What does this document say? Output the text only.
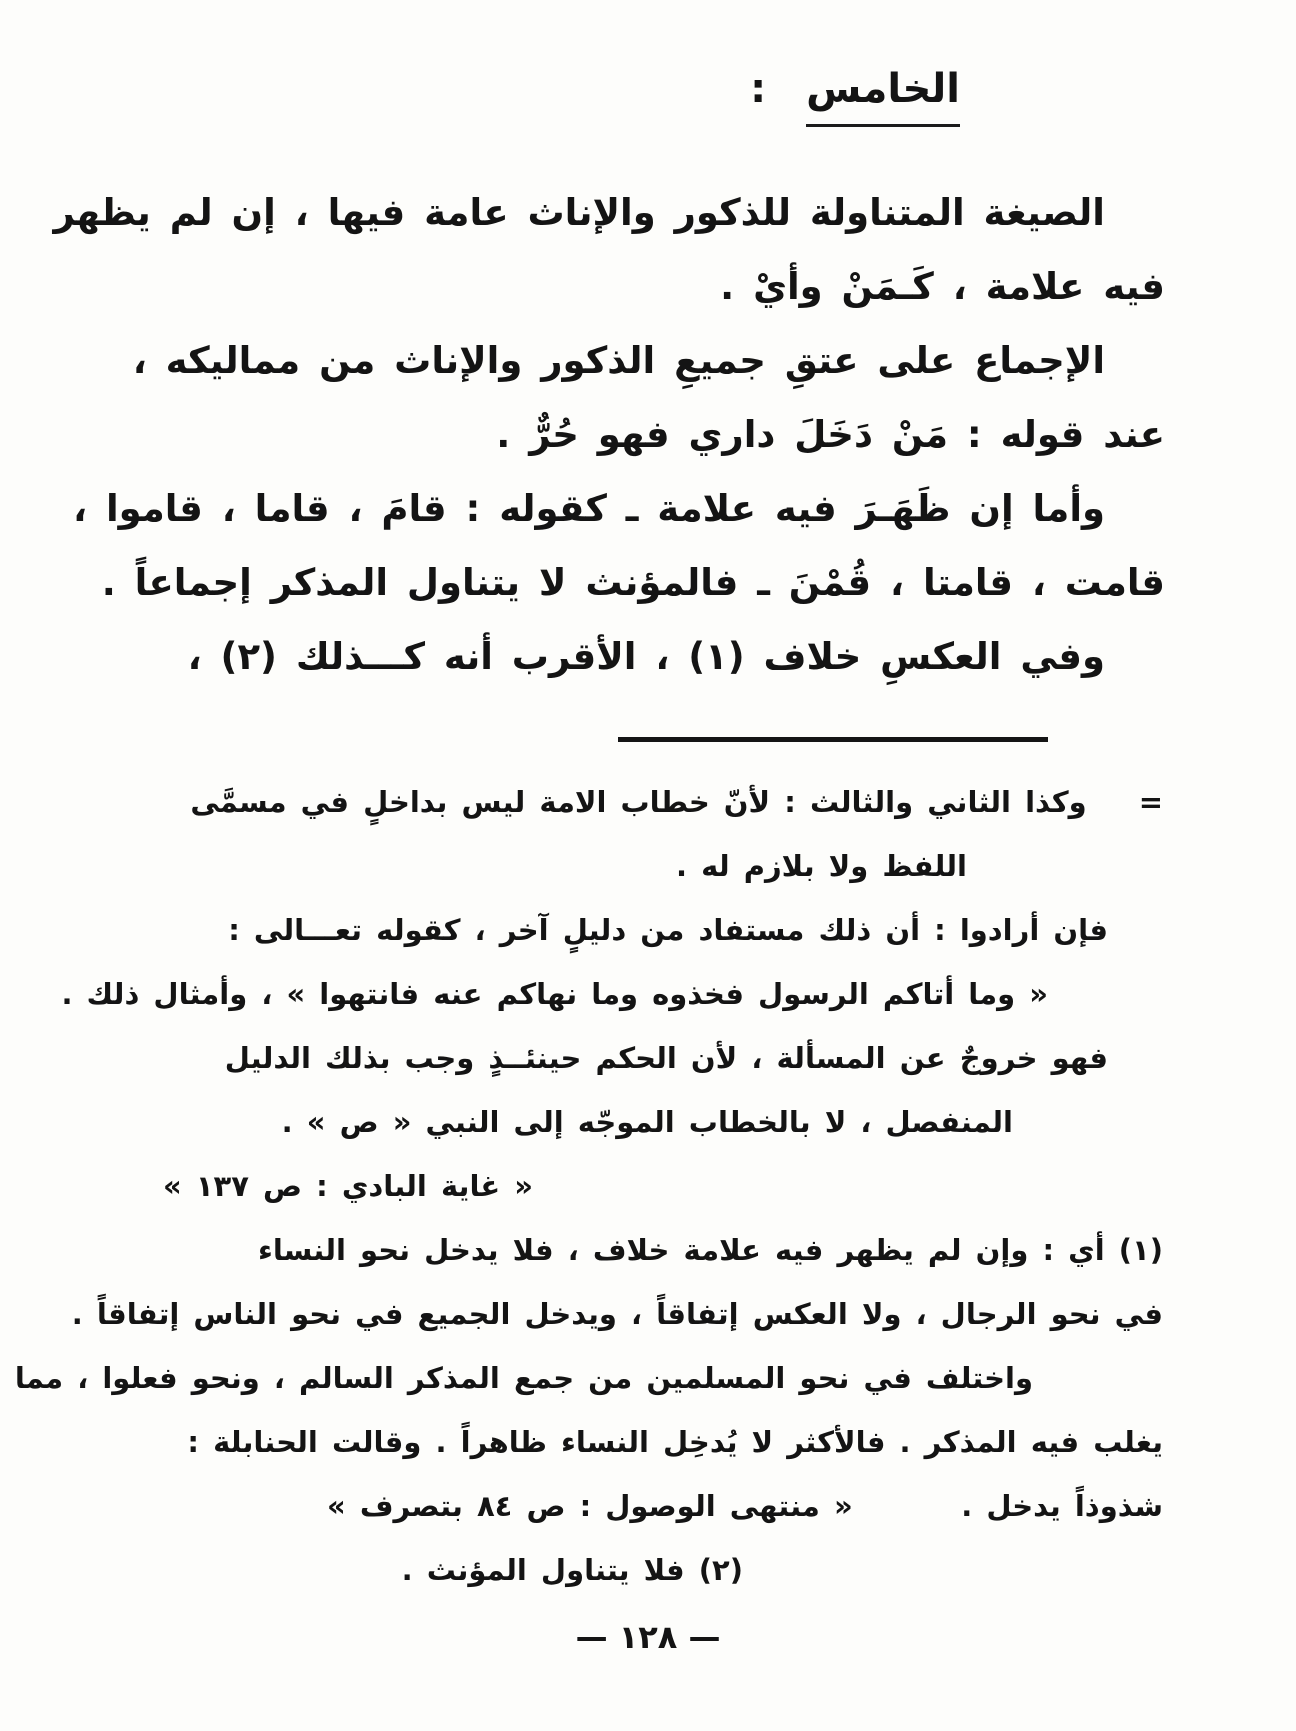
الخامس :
الصيغة المتناولة للذكور والإناث عامة فيها ، إن لم يظهر
فيه علامة ، كَـمَنْ وأيْ .
الإجماع على عتقِ جميعِ الذكور والإناث من مماليكه ،
عند قوله : مَنْ دَخَلَ داري فهو حُرٌّ .
وأما إن ظَهَـرَ فيه علامة ـ كقوله : قامَ ، قاما ، قاموا ،
قامت ، قامتا ، قُمْنَ ـ فالمؤنث لا يتناول المذكر إجماعاً .
وفي العكسِ خلاف (١) ، الأقرب أنه كـــذلك (٢) ،
=
وكذا الثاني والثالث : لأنّ خطاب الامة ليس بداخلٍ في مسمَّى
اللفظ ولا بلازم له .
فإن أرادوا : أن ذلك مستفاد من دليلٍ آخر ، كقوله تعـــالى :
« وما أتاكم الرسول فخذوه وما نهاكم عنه فانتهوا » ، وأمثال ذلك .
فهو خروجٌ عن المسألة ، لأن الحكم حينئــذٍ وجب بذلك الدليل
المنفصل ، لا بالخطاب الموجّه إلى النبي « ص » .
« غاية البادي : ص ١٣٧ »
(١) أي : وإن لم يظهر فيه علامة خلاف ، فلا يدخل نحو النساء
في نحو الرجال ، ولا العكس إتفاقاً ، ويدخل الجميع في نحو الناس إتفاقاً .
واختلف في نحو المسلمين من جمع المذكر السالم ، ونحو فعلوا ، مما
يغلب فيه المذكر . فالأكثر لا يُدخِل النساء ظاهراً . وقالت الحنابلة :
شذوذاً يدخل .
« منتهى الوصول : ص ٨٤ بتصرف »
(٢) فلا يتناول المؤنث .
— ١٢٨ —
